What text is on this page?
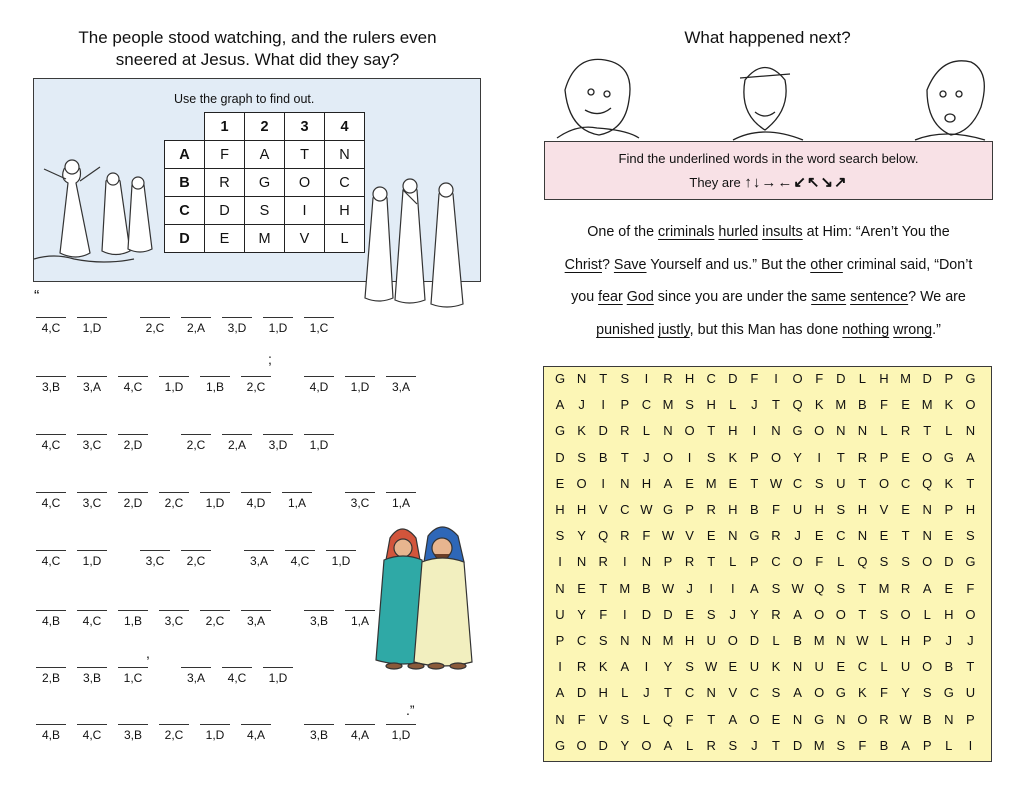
The people stood watching, and the rulers even
sneered at Jesus. What did they say?
Use the graph to find out.
	1	2	3	4
A	F	A	T	N
B	R	G	O	C
C	D	S	I	H
D	E	M	V	L
“
4,C	1,D	2,C	2,A	3,D	1,D	1,C
3,B	3,A	4,C	1,D	1,B	2,C	4,D	1,D	3,A
4,C	3,C	2,D	2,C	2,A	3,D	1,D
4,C	3,C	2,D	2,C	1,D	4,D	1,A	3,C	1,A
4,C	1,D	3,C	2,C	3,A	4,C	1,D
4,B	4,C	1,B	3,C	2,C	3,A	3,B	1,A
2,B	3,B	1,C	3,A	4,C	1,D
4,B	4,C	3,B	2,C	1,D	4,A	3,B	4,A	1,D
What happened next?
Find the underlined words in the word search below.
They are ↑↓→←↙↖↘↗
One of the criminals hurled insults at Him: “Aren’t You the
Christ? Save Yourself and us.” But the other criminal said, “Don’t
you fear God since you are under the same sentence? We are
punished justly, but this Man has done nothing wrong.”
G N T	S	I	R H C D F	I	O F D	L	H M D P G
A	J	I	P C M S H	L	J	T Q K M B	F	E M K O
G K D R	L	N O T H	I	N G O N N	L	R T	L	N
D S B	T	J	O	I	S K P O Y	I	T R P E O G A
E O	I	N H A E M E	T W C S U T O C Q K	T
H H V C W G P R H B	F U H S H V E N P H
S Y Q R F W V E N G R	J	E C N E	T N E S
I	N R	I	N P R T	L	P C O F	L Q S S O D G
N E	T M B W J	I	I	A S W Q S	T M R A E	F
U Y	F	I	D D E S	J	Y R A O O T	S O L	H O
P C S N N M H U O D	L	B M N W L	H P	J	J
I	R K A	I	Y S W E U K N U E C	L	U O B	T
A D H	L	J	T C N V C S A O G K	F	Y S G U
N F	V S	L Q F	T	A O E N G N O R W B N P
G O D Y O A	L	R S	J	T D M S	F	B A P	L	I
;
,
.”
